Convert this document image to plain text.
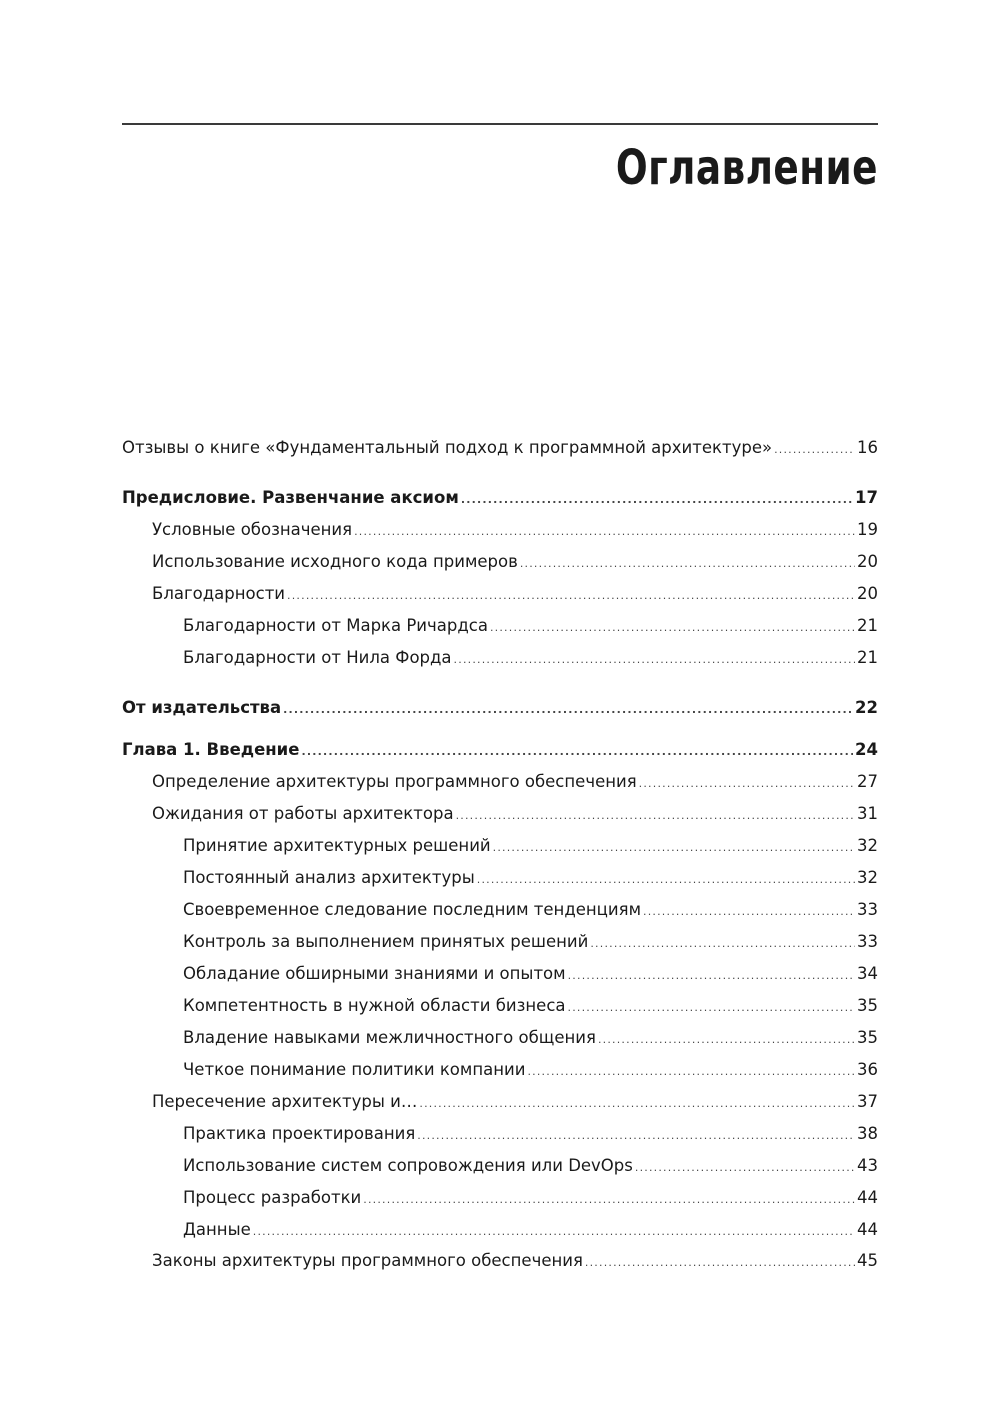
Оглавление
Отзывы о книге «Фундаментальный подход к программной архитектуре» .....	16
Предисловие. Развенчание аксиом .....	17
Условные обозначения .....	19
Использование исходного кода примеров .....	20
Благодарности .....	20
Благодарности от Марка Ричардса .....	21
Благодарности от Нила Форда .....	21
От издательства .....	22
Глава 1. Введение .....	24
Определение архитектуры программного обеспечения .....	27
Ожидания от работы архитектора .....	31
Принятие архитектурных решений .....	32
Постоянный анализ архитектуры .....	32
Своевременное следование последним тенденциям .....	33
Контроль за выполнением принятых решений .....	33
Обладание обширными знаниями и опытом .....	34
Компетентность в нужной области бизнеса .....	35
Владение навыками межличностного общения .....	35
Четкое понимание политики компании .....	36
Пересечение архитектуры и… .....	37
Практика проектирования .....	38
Использование систем сопровождения или DevOps .....	43
Процесс разработки .....	44
Данные .....	44
Законы архитектуры программного обеспечения .....	45
